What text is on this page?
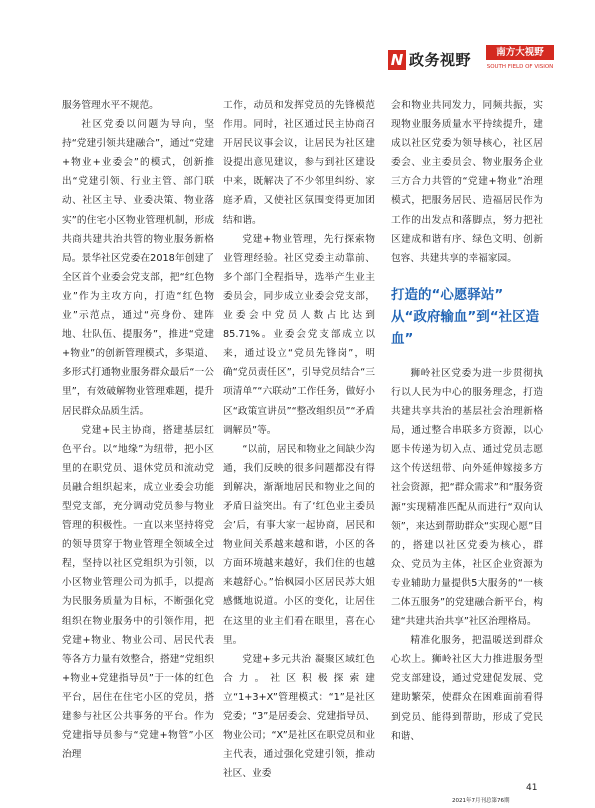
N 政务视野	南方大视野
SOUTH FIELD OF VISION

服务管理水平不规范。

社区党委以问题为导向，坚持“党建引领共建融合”，通过“党建+物业+业委会”的模式，创新推出“党建引领、行业主管、部门联动、社区主导、业委决策、物业落实”的住宅小区物业管理机制，形成共商共建共治共管的物业服务新格局。景华社区党委在2018年创建了全区首个业委会党支部，把“红色物业”作为主攻方向，打造“红色物业”示范点，通过“亮身份、建阵地、壮队伍、提服务”，推进“党建+物业”的创新管理模式，多渠道、多形式打通物业服务群众最后“一公里”，有效破解物业管理难题，提升居民群众品质生活。

党建+民主协商，搭建基层红色平台。以“地缘”为纽带，把小区里的在职党员、退休党员和流动党员融合组织起来，成立业委会功能型党支部，充分调动党员参与物业管理的积极性。一直以来坚持将党的领导贯穿于物业管理全领域全过程，坚持以社区党组织为引领，以小区物业管理公司为抓手，以提高为民服务质量为目标，不断强化党组织在物业服务中的引领作用，把党建+物业、物业公司、居民代表等各方力量有效整合，搭建“党组织+物业+党建指导员”于一体的红色平台，居住在住宅小区的党员，搭建参与社区公共事务的平台。作为党建指导员参与“党建+物管”小区治理

工作，动员和发挥党员的先锋模范作用。同时，社区通过民主协商召开居民议事会议，让居民为社区建设提出意见建议，参与到社区建设中来，既解决了不少邻里纠纷、家庭矛盾，又使社区氛围变得更加团结和谐。

党建+物业管理，先行探索物业管理经验。社区党委主动靠前、多个部门全程指导，选举产生业主委员会，同步成立业委会党支部，业委会中党员人数占比达到85.71%。业委会党支部成立以来，通过设立“党员先锋岗”，明确“党员责任区”，引导党员结合“三项清单”“六联动”工作任务，做好小区“政策宣讲员”“整改组织员”“矛盾调解员”等。

“以前，居民和物业之间缺少沟通，我们反映的很多问题都没有得到解决，渐渐地居民和物业之间的矛盾日益突出。有了‘红色业主委员会’后，有事大家一起协商，居民和物业间关系越来越和谐，小区的各方面环境越来越好，我们住的也越来越舒心。”怡枫园小区居民苏大姐感慨地说道。小区的变化，让居住在这里的业主们看在眼里，喜在心里。

党建+多元共治 凝聚区域红色合力。社区积极探索建立“1+3+X”管理模式：“1”是社区党委；“3”是居委会、党建指导员、物业公司；“X”是社区在职党员和业主代表，通过强化党建引领，推动社区、业委

会和物业共同发力，同频共振，实现物业服务质量水平持续提升，建成以社区党委为领导核心，社区居委会、业主委员会、物业服务企业三方合力共管的“党建+物业”治理模式，把服务居民、造福居民作为工作的出发点和落脚点，努力把社区建成和谐有序、绿色文明、创新包容、共建共享的幸福家园。

打造的“心愿驿站”
从“政府输血”到“社区造血”

狮岭社区党委为进一步贯彻执行以人民为中心的服务理念，打造共建共享共治的基层社会治理新格局，通过整合串联多方资源，以心愿卡传递为切入点、通过党员志愿这个传送纽带、向外延伸嫁接多方社会资源，把“群众需求”和“服务资源”实现精准匹配从而进行“双向认领”，来达到帮助群众“实现心愿”目的，搭建以社区党委为核心，群众、党员为主体，社区企业资源为专业辅助力量提供5大服务的“一核二体五服务”的党建融合新平台，构建“共建共治共享”社区治理格局。

精准化服务，把温暖送到群众心坎上。狮岭社区大力推进服务型党支部建设，通过党建促发展、党建助繁荣，使群众在困难面前看得到党员、能得到帮助，形成了党民和谐、

41
2021年7月刊总第76期
